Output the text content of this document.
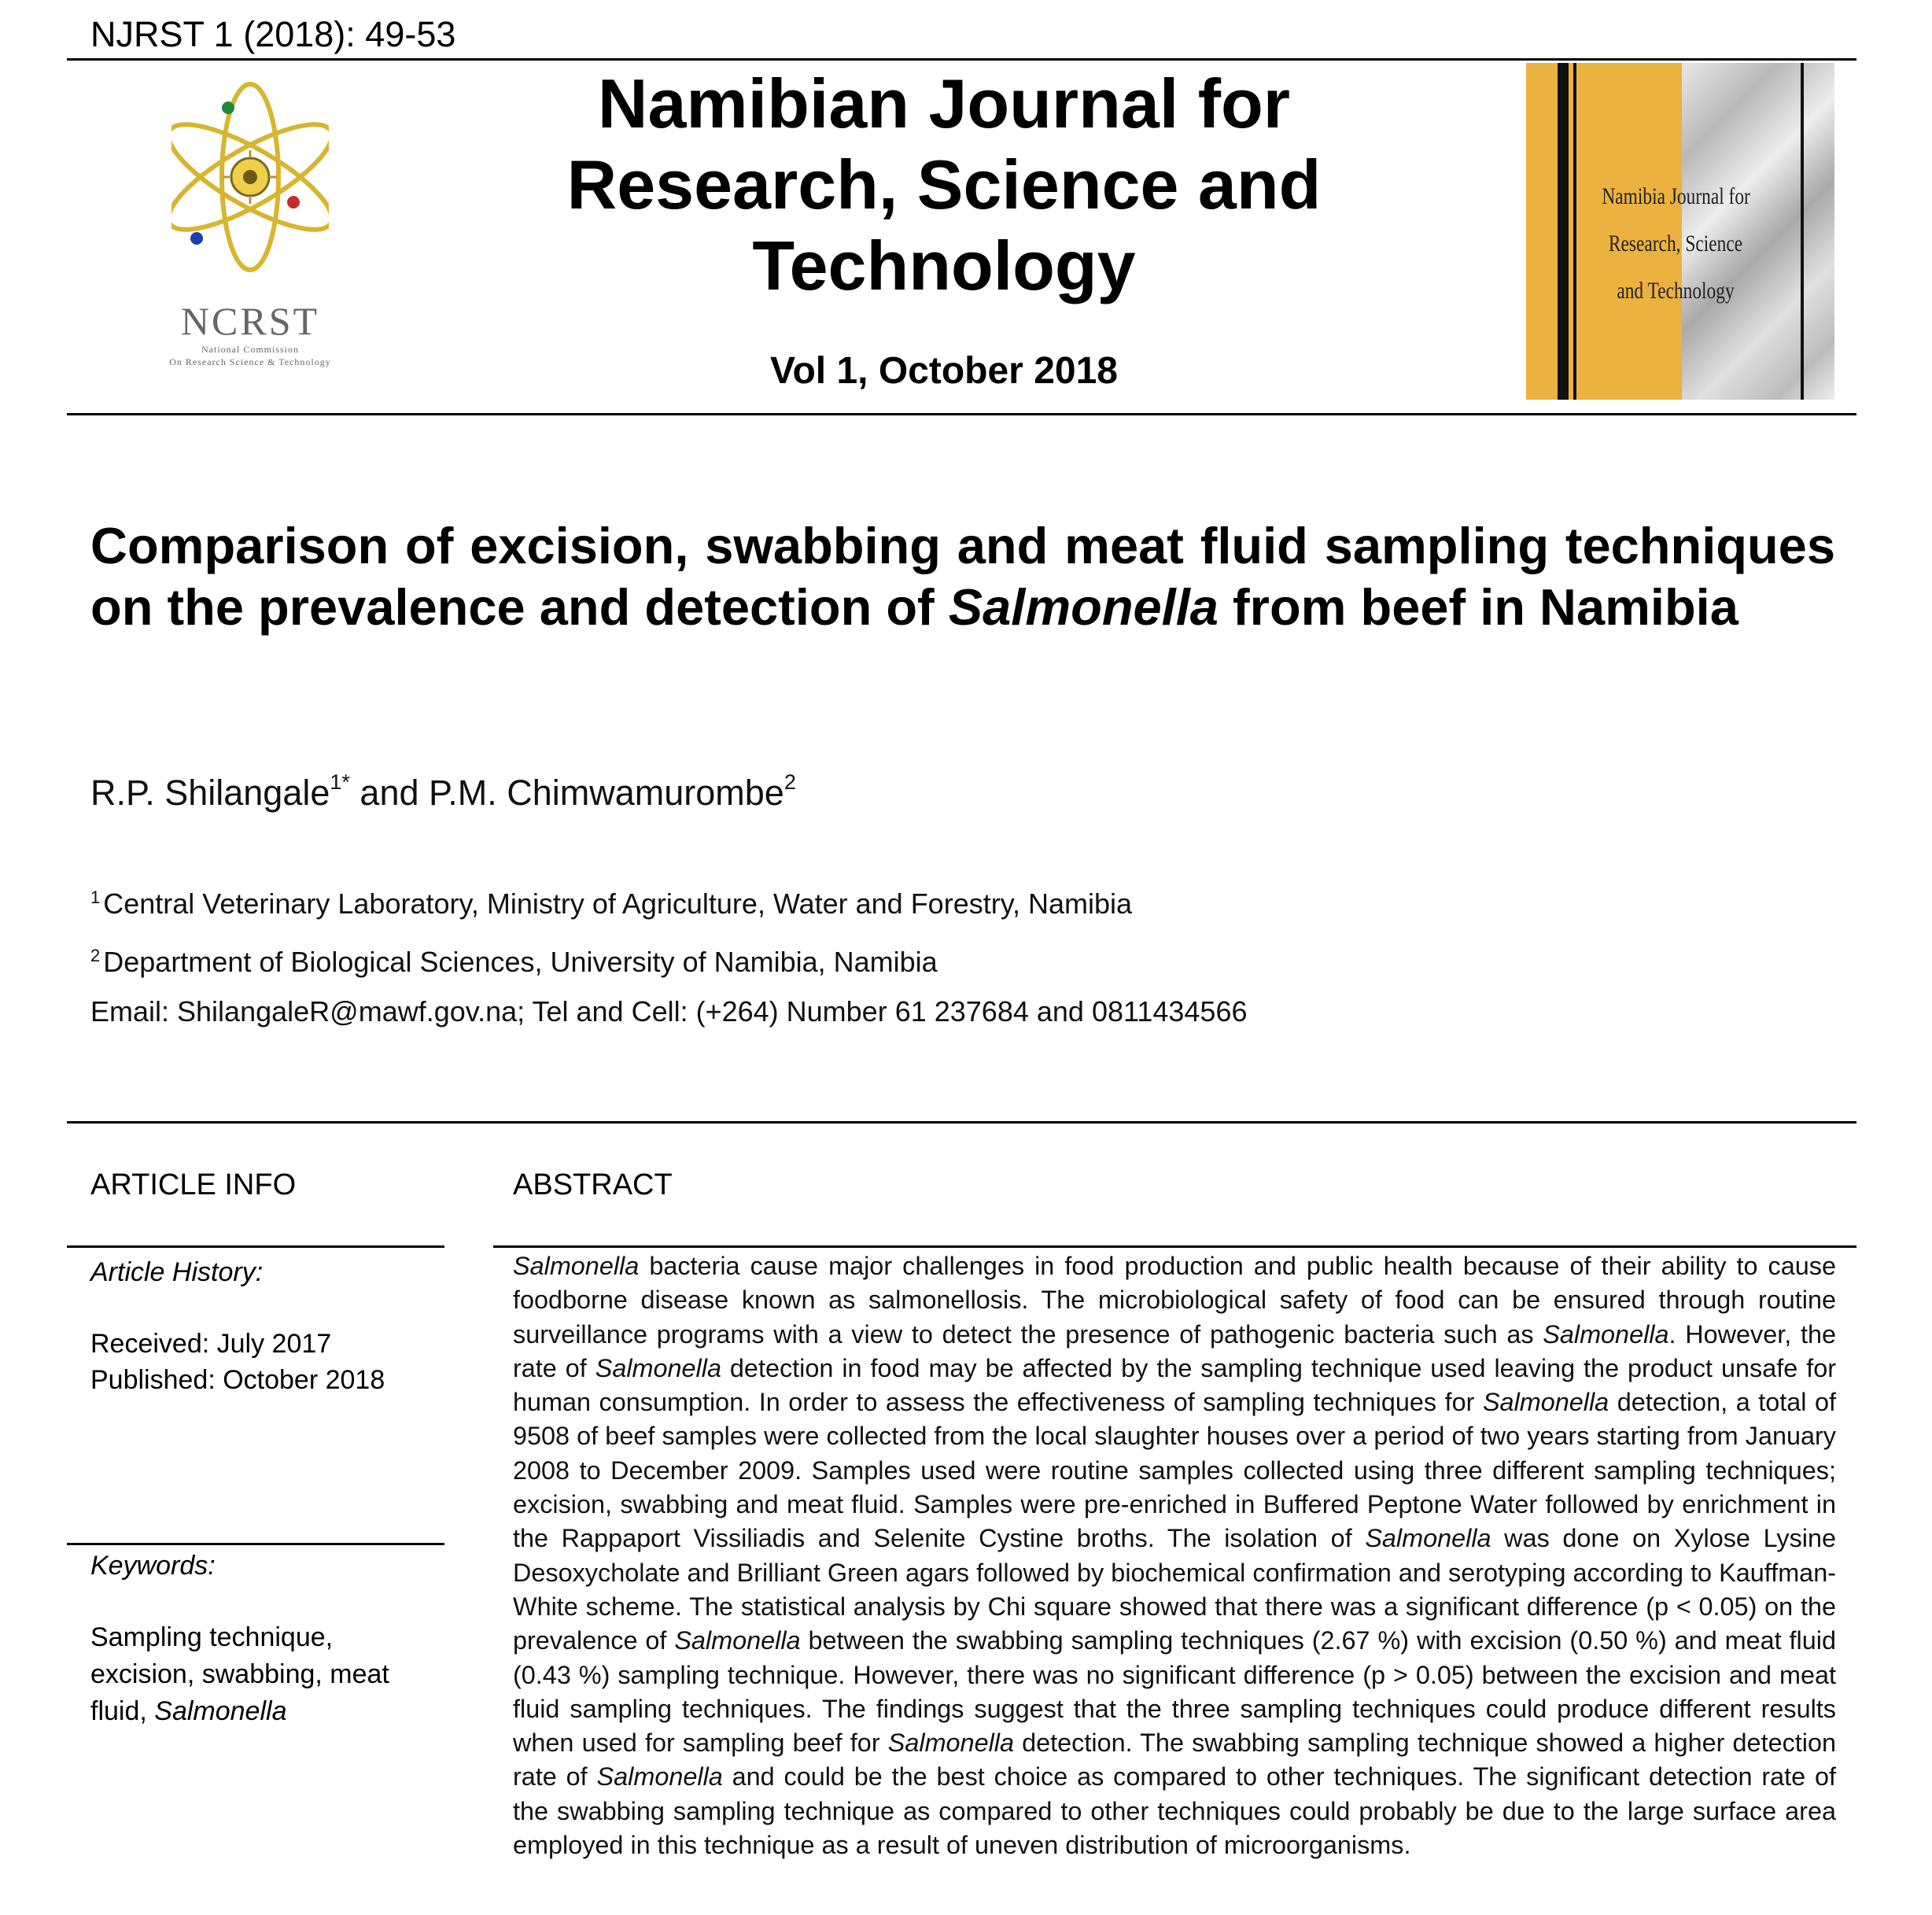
NJRST 1 (2018): 49-53
NCRST
National Commission
On Research Science & Technology
Namibian Journal for
Research, Science and
Technology
Vol 1, October 2018
Namibia Journal for
Research, Science
and Technology
Comparison of excision, swabbing and meat fluid sampling techniques on the prevalence and detection of Salmonella from beef in Namibia
R.P. Shilangale$^{1*}$ and P.M. Chimwamurombe$^2$
$^1$ Central Veterinary Laboratory, Ministry of Agriculture, Water and Forestry, Namibia
$^2$ Department of Biological Sciences, University of Namibia, Namibia
Email: ShilangaleR@mawf.gov.na; Tel and Cell: (+264) Number 61 237684 and 0811434566
ARTICLE INFO
Article History:
Received: July 2017
Published: October 2018
Keywords:
Sampling technique,
excision, swabbing, meat
fluid, Salmonella
ABSTRACT
Salmonella bacteria cause major challenges in food production and public health because of their ability to cause foodborne disease known as salmonellosis. The microbiological safety of food can be ensured through routine surveillance programs with a view to detect the presence of pathogenic bacteria such as Salmonella. However, the rate of Salmonella detection in food may be affected by the sampling technique used leaving the product unsafe for human consumption. In order to assess the effectiveness of sampling techniques for Salmonella detection, a total of 9508 of beef samples were collected from the local slaughter houses over a period of two years starting from January 2008 to December 2009. Samples used were routine samples collected using three different sampling techniques; excision, swabbing and meat fluid. Samples were pre-enriched in Buffered Peptone Water followed by enrichment in the Rappaport Vissiliadis and Selenite Cystine broths. The isolation of Salmonella was done on Xylose Lysine Desoxycholate and Brilliant Green agars followed by biochemical confirmation and serotyping according to Kauffman-White scheme. The statistical analysis by Chi square showed that there was a significant difference (p < 0.05) on the prevalence of Salmonella between the swabbing sampling techniques (2.67 %) with excision (0.50 %) and meat fluid (0.43 %) sampling technique. However, there was no significant difference (p > 0.05) between the excision and meat fluid sampling techniques. The findings suggest that the three sampling techniques could produce different results when used for sampling beef for Salmonella detection. The swabbing sampling technique showed a higher detection rate of Salmonella and could be the best choice as compared to other techniques. The significant detection rate of the swabbing sampling technique as compared to other techniques could probably be due to the large surface area employed in this technique as a result of uneven distribution of microorganisms.
